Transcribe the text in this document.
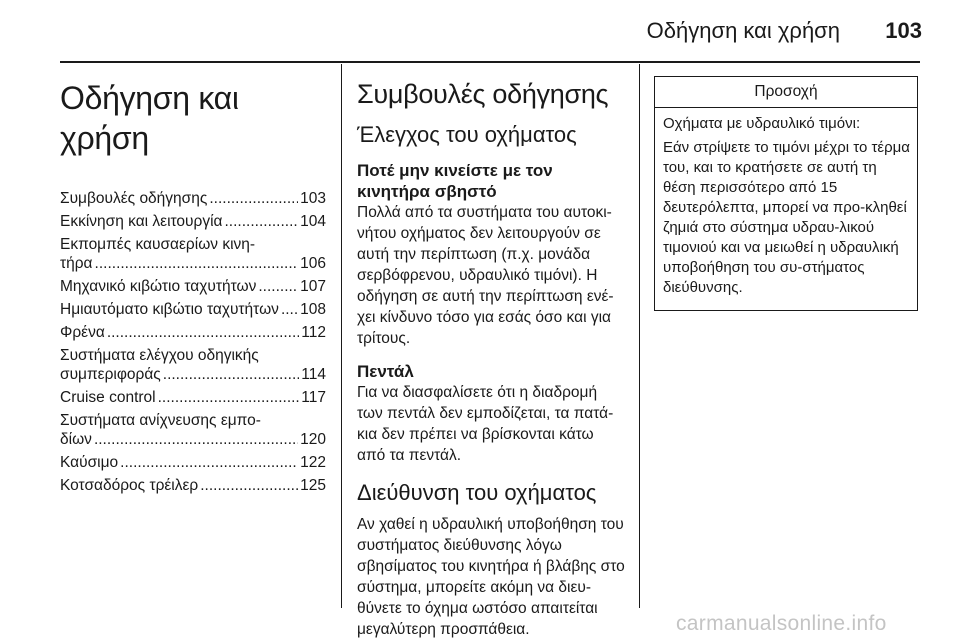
Οδήγηση και χρήση 103
Οδήγηση και χρήση
Συμβουλές οδήγησης .....	103
Εκκίνηση και λειτουργία .....	104
Εκπομπές καυσαερίων κινη-
τήρα .....	106
Μηχανικό κιβώτιο ταχυτήτων .....	107
Ημιαυτόματο κιβώτιο ταχυτήτων ..... 108
Φρένα .....	112
Συστήματα ελέγχου οδηγικής
συμπεριφοράς .....	114
Cruise control .....	117
Συστήματα ανίχνευσης εμπο-
δίων .....	120
Καύσιμο .....	122
Κοτσαδόρος τρέιλερ .....	125
Συμβουλές οδήγησης
Έλεγχος του οχήματος
Ποτέ μην κινείστε με τον κινητήρα σβηστό

Πολλά από τα συστήματα του αυτοκι-νήτου οχήματος δεν λειτουργούν σε αυτή την περίπτωση (π.χ. μονάδα σερβόφρενου, υδραυλικό τιμόνι). Η οδήγηση σε αυτή την περίπτωση ενέ-χει κίνδυνο τόσο για εσάς όσο και για τρίτους.

Πεντάλ

Για να διασφαλίσετε ότι η διαδρομή των πεντάλ δεν εμποδίζεται, τα πατά-κια δεν πρέπει να βρίσκονται κάτω από τα πεντάλ.

Διεύθυνση του οχήματος

Αν χαθεί η υδραυλική υποβοήθηση του συστήματος διεύθυνσης λόγω σβησίματος του κινητήρα ή βλάβης στο σύστημα, μπορείτε ακόμη να διευ-θύνετε το όχημα ωστόσο απαιτείται μεγαλύτερη προσπάθεια.

Προσοχή

Οχήματα με υδραυλικό τιμόνι:

Εάν στρίψετε το τιμόνι μέχρι το τέρμα του, και το κρατήσετε σε αυτή τη θέση περισσότερο από 15 δευτερόλεπτα, μπορεί να προ-κληθεί ζημιά στο σύστημα υδραυ-λικού τιμονιού και να μειωθεί η υδραυλική υποβοήθηση του συ-στήματος διεύθυνσης.

carmanualsonline.info
